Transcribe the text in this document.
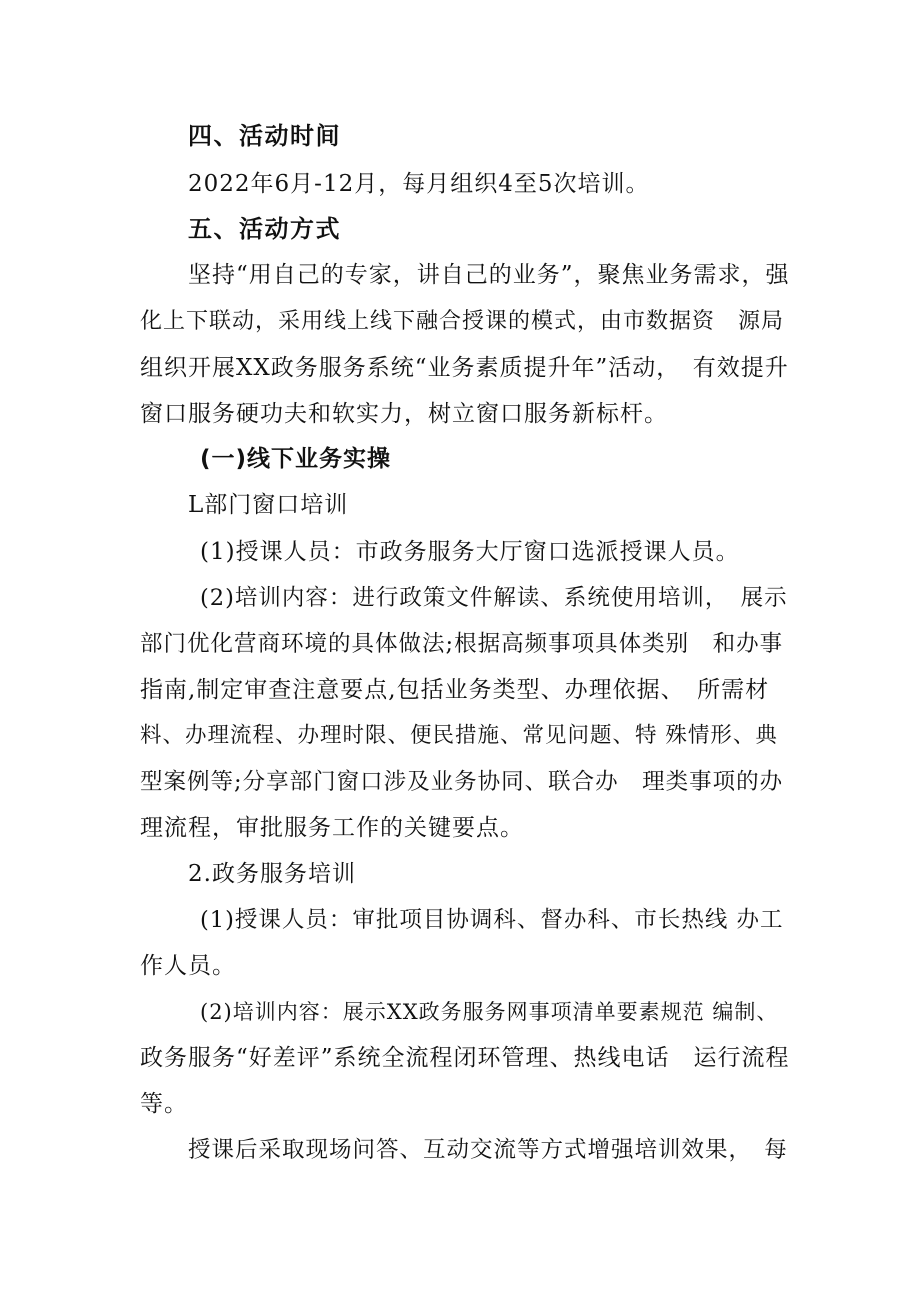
四、活动时间
2022年6月-12月，每月组织4至5次培训。
五、活动方式
坚持“用自己的专家，讲自己的业务”，聚焦业务需求，强
化上下联动，采用线上线下融合授课的模式，由市数据资　源局
组织开展XX政务服务系统“业务素质提升年”活动，　有效提升
窗口服务硬功夫和软实力，树立窗口服务新标杆。
(一)线下业务实操
L部门窗口培训
(1)授课人员：市政务服务大厅窗口选派授课人员。
(2)培训内容：进行政策文件解读、系统使用培训，　展示
部门优化营商环境的具体做法;根据高频事项具体类别　和办事
指南,制定审查注意要点,包括业务类型、办理依据、　所需材
料、办理流程、办理时限、便民措施、常见问题、特 殊情形、典
型案例等;分享部门窗口涉及业务协同、联合办　理类事项的办
理流程，审批服务工作的关键要点。
2.政务服务培训
(1)授课人员：审批项目协调科、督办科、市长热线 办工
作人员。
(2)培训内容：展示XX政务服务网事项清单要素规范 编制、
政务服务“好差评”系统全流程闭环管理、热线电话　运行流程
等。
授课后采取现场问答、互动交流等方式增强培训效果，　每
